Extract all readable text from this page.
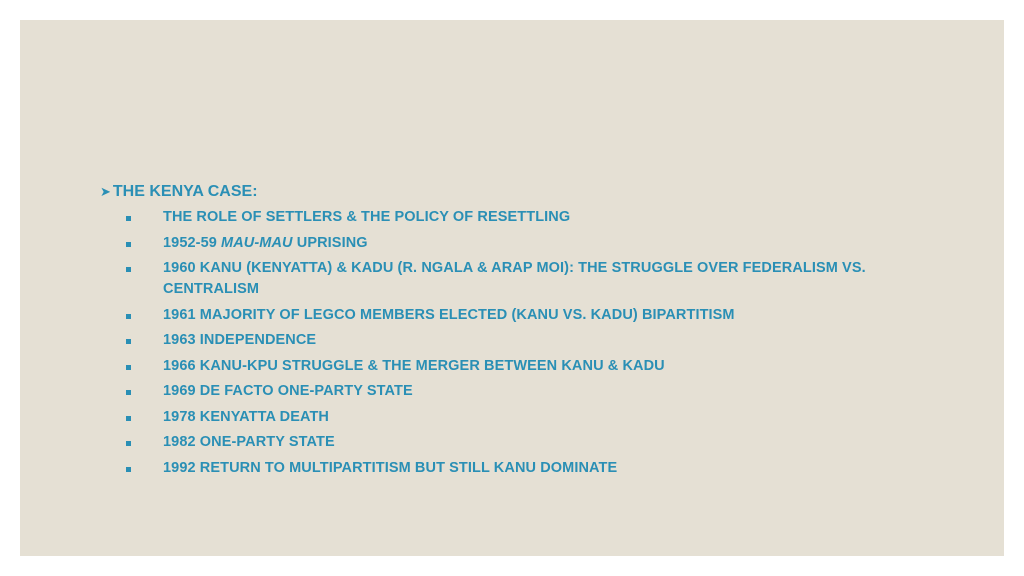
➤ THE KENYA CASE:
THE ROLE OF SETTLERS & THE POLICY OF RESETTLING
1952-59 MAU-MAU UPRISING
1960 KANU (KENYATTA) & KADU (R. NGALA & ARAP MOI): THE STRUGGLE OVER FEDERALISM VS. CENTRALISM
1961 MAJORITY OF LEGCO MEMBERS ELECTED (KANU VS. KADU) BIPARTITISM
1963 INDEPENDENCE
1966 KANU-KPU STRUGGLE & THE MERGER BETWEEN KANU & KADU
1969 DE FACTO ONE-PARTY STATE
1978 KENYATTA DEATH
1982 ONE-PARTY STATE
1992 RETURN TO MULTIPARTITISM BUT STILL KANU DOMINATE
